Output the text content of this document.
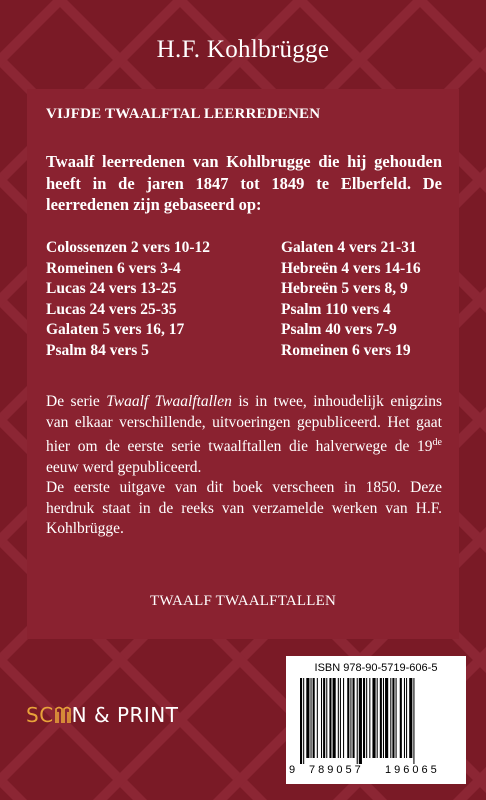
H.F. Kohlbrügge
VIJFDE TWAALFTAL LEERREDENEN
Twaalf leerredenen van Kohlbrugge die hij gehouden heeft in de jaren 1847 tot 1849 te Elberfeld. De leerredenen zijn gebaseerd op:
Colossenzen 2 vers 10-12
Romeinen 6 vers 3-4
Lucas 24 vers 13-25
Lucas 24 vers 25-35
Galaten 5 vers 16, 17
Psalm 84 vers 5
Galaten 4 vers 21-31
Hebreën 4 vers 14-16
Hebreën 5 vers 8, 9
Psalm 110 vers 4
Psalm 40 vers 7-9
Romeinen 6 vers 19
De serie Twaalf Twaalftallen is in twee, inhoudelijk enigzins van elkaar verschillende, uitvoeringen gepubliceerd. Het gaat hier om de eerste serie twaalftallen die halverwege de 19de eeuw werd gepubliceerd.
De eerste uitgave van dit boek verscheen in 1850. Deze herdruk staat in de reeks van verzamelde werken van H.F. Kohlbrügge.
TWAALF TWAALFTALLEN
SC N & PRINT
ISBN 978-90-5719-606-5
9 789057 196065
